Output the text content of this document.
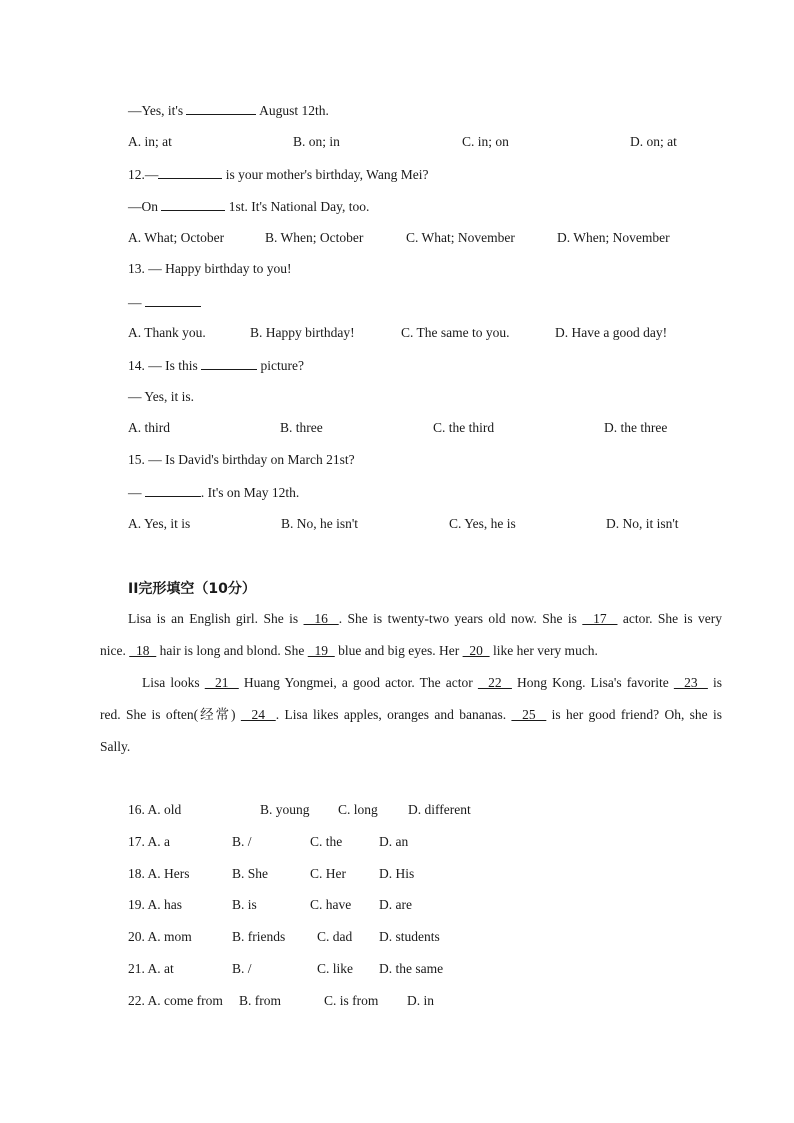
—Yes, it's	August 12th.
A. in; at	B. on; in	C. in; on	D. on; at
12.—	is your mother's birthday, Wang Mei?
—On	1st. It's National Day, too.
A. What; October	B. When; October	C. What; November	D. When; November
13. — Happy birthday to you!
—
A. Thank you.	B. Happy birthday!	C. The same to you.	D. Have a good day!
14. — Is this	picture?
— Yes, it is.
A. third	B. three	C. the third	D. the three
15. — Is David's birthday on March 21st?
—	. It's on May 12th.
A. Yes, it is	B. No, he isn't	C. Yes, he is	D. No, it isn't
II完形填空（10分）
Lisa is an English girl. She is   16  . She is twenty-two years old now. She is   17   actor. She is very
nice.   18   hair is long and blond. She   19   blue and big eyes. Her   20   like her very much.
Lisa looks   21   Huang Yongmei, a good actor. The actor   22   Hong Kong. Lisa's favorite   23   is
red. She is often(经常)   24  . Lisa likes apples, oranges and bananas.   25   is her good friend? Oh, she is
Sally.
16. A. old	B. young C. long D. different
17. A. a	B. /	C. the	D. an
18. A. Hers	B. She	C. Her D. His
19. A. has	B. is	C. have D. are
20. A. mom	B. friends C. dad D. students
21. A. at	B. /	C. like D. the same
22. A. come from B. from	C. is from D. in
